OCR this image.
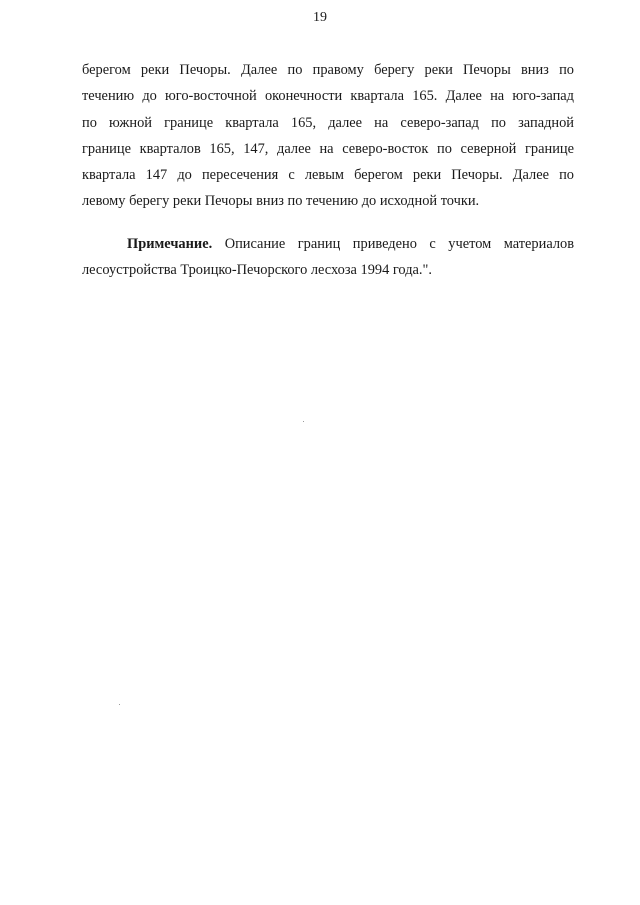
19
берегом реки Печоры. Далее по правому берегу реки Печоры вниз по
течению до юго-восточной оконечности квартала 165. Далее на юго-запад
по южной границе квартала 165, далее на северо-запад по западной
границе кварталов 165, 147, далее на северо-восток по северной границе
квартала 147 до пересечения с левым берегом реки Печоры. Далее по
левому берегу реки Печоры вниз по течению до исходной точки.
Примечание. Описание границ приведено с учетом материалов
лесоустройства Троицко-Печорского лесхоза 1994 года.".
